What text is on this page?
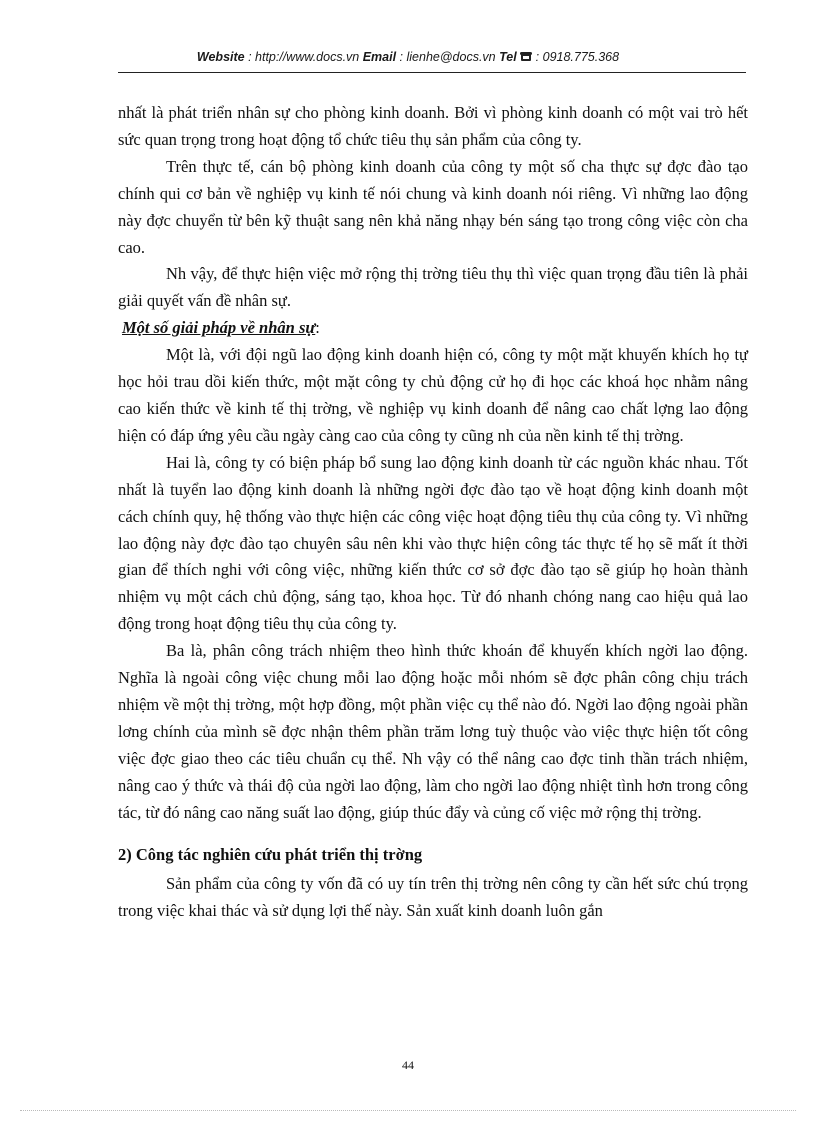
Website : http://www.docs.vn Email : lienhe@docs.vn Tel  : 0918.775.368

nhất là phát triển nhân sự cho phòng kinh doanh. Bởi vì phòng kinh doanh có một vai trò hết sức quan trọng trong hoạt động tổ chức tiêu thụ sản phẩm của công ty.

Trên thực tế, cán bộ phòng kinh doanh của công ty một số cha thực sự đợc đào tạo chính qui cơ bản về nghiệp vụ kinh tế nói chung và kinh doanh nói riêng. Vì những lao động này đợc chuyển từ bên kỹ thuật sang nên khả năng nhạy bén sáng tạo trong công việc còn cha cao.

Nh vậy, để thực hiện việc mở rộng thị trờng tiêu thụ thì việc quan trọng đầu tiên là phải giải quyết vấn đề nhân sự.

Một số giải pháp về nhân sự:

Một là, với đội ngũ lao động kinh doanh hiện có, công ty một mặt khuyến khích họ tự học hỏi trau dồi kiến thức, một mặt công ty chủ động cử họ đi học các khoá học nhằm nâng cao kiến thức về kinh tế thị trờng, về nghiệp vụ kinh doanh để nâng cao chất lợng lao động hiện có đáp ứng yêu cầu ngày càng cao của công ty cũng nh của nền kinh tế thị trờng.

Hai là, công ty có biện pháp bổ sung lao động kinh doanh từ các nguồn khác nhau. Tốt nhất là tuyển lao động kinh doanh là những ngời đợc đào tạo về hoạt động kinh doanh một cách chính quy, hệ thống vào thực hiện các công việc hoạt động tiêu thụ của công ty. Vì những lao động này đợc đào tạo chuyên sâu nên khi vào thực hiện công tác thực tế họ sẽ mất ít thời gian để thích nghi với công việc, những kiến thức cơ sở đợc đào tạo sẽ giúp họ hoàn thành nhiệm vụ một cách chủ động, sáng tạo, khoa học. Từ đó nhanh chóng nang cao hiệu quả lao động trong hoạt động tiêu thụ của công ty.

Ba là, phân công trách nhiệm theo hình thức khoán để khuyến khích ngời lao động. Nghĩa là ngoài công việc chung mỗi lao động hoặc mỗi nhóm sẽ đợc phân công chịu trách nhiệm về một thị trờng, một hợp đồng, một phần việc cụ thể nào đó. Ngời lao động ngoài phần lơng chính của mình sẽ đợc nhận thêm phần trăm lơng tuỳ thuộc vào việc thực hiện tốt công việc đợc giao theo các tiêu chuẩn cụ thể. Nh vậy có thể nâng cao đợc tinh thần trách nhiệm, nâng cao ý thức và thái độ của ngời lao động, làm cho ngời lao động nhiệt tình hơn trong công tác, từ đó nâng cao năng suất lao động, giúp thúc đẩy và củng cố việc mở rộng thị trờng.

2) Công tác nghiên cứu phát triển thị trờng

Sản phẩm của công ty vốn đã có uy tín trên thị trờng nên công ty cần hết sức chú trọng trong việc khai thác và sử dụng lợi thế này. Sản xuất kinh doanh luôn gắn

44
